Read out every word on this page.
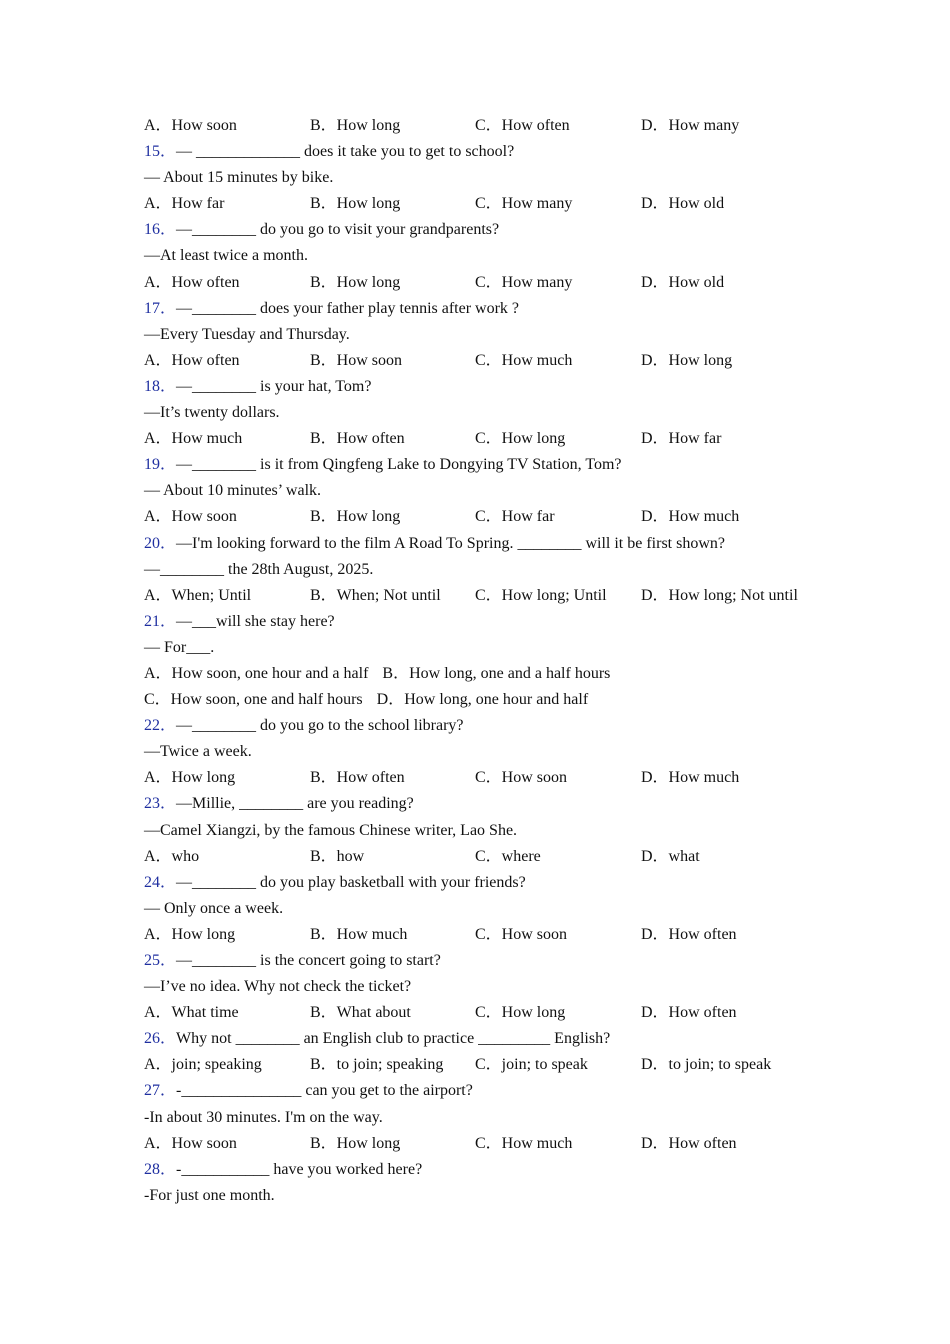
A．How soon	B．How long	C．How often	D．How many
15．— _____________ does it take you to get to school?
— About 15 minutes by bike.
A．How far	B．How long	C．How many	D．How old
16．—________ do you go to visit your grandparents?
—At least twice a month.
A．How often	B．How long	C．How many	D．How old
17．—________ does your father play tennis after work ?
—Every Tuesday and Thursday.
A．How often	B．How soon	C．How much	D．How long
18．—________ is your hat, Tom?
—It’s twenty dollars.
A．How much	B．How often	C．How long	D．How far
19．—________ is it from Qingfeng Lake to Dongying TV Station, Tom?
— About 10 minutes’ walk.
A．How soon	B．How long	C．How far	D．How much
20．—I'm looking forward to the film A Road To Spring. ________ will it be first shown?
—________ the 28th August, 2025.
A．When; Until	B．When; Not until C．How long; Until D．How long; Not until
21．—___will she stay here?
— For___.
A．How soon, one hour and a half B．How long, one and a half hours
C．How soon, one and half hours D．How long, one hour and half
22．—________ do you go to the school library?
—Twice a week.
A．How long	B．How often	C．How soon	D．How much
23．—Millie, ________ are you reading?
—Camel Xiangzi, by the famous Chinese writer, Lao She.
A．who	B．how	C．where	D．what
24．—________ do you play basketball with your friends?
— Only once a week.
A．How long	B．How much	C．How soon	D．How often
25．—________ is the concert going to start?
—I’ve no idea. Why not check the ticket?
A．What time	B．What about	C．How long	D．How often
26．Why not ________ an English club to practice _________ English?
A．join; speaking	B．to join; speaking C．join; to speak	D．to join; to speak
27．-_______________ can you get to the airport?
-In about 30 minutes. I'm on the way.
A．How soon	B．How long	C．How much	D．How often
28．-___________ have you worked here?
-For just one month.
